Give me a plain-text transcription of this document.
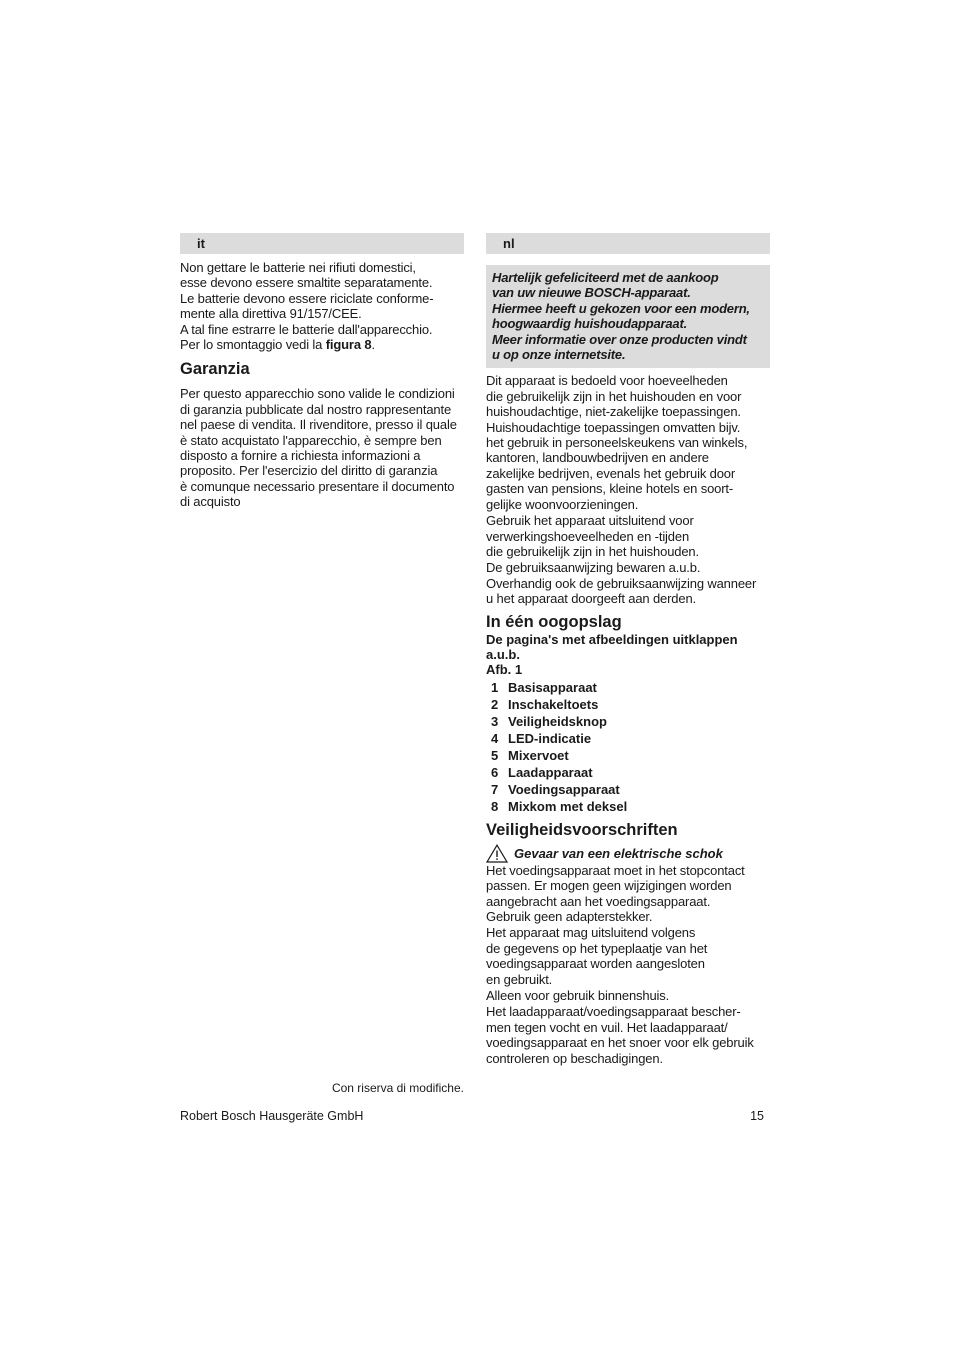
it

Non gettare le batterie nei rifiuti domestici,
esse devono essere smaltite separatamente.
Le batterie devono essere riciclate conforme-
mente alla direttiva 91/157/CEE.
A tal fine estrarre le batterie dall'apparecchio.
Per lo smontaggio vedi la figura 8.

Garanzia

Per questo apparecchio sono valide le condizioni
di garanzia pubblicate dal nostro rappresentante
nel paese di vendita. Il rivenditore, presso il quale
è stato acquistato l'apparecchio, è sempre ben
disposto a fornire a richiesta informazioni a
proposito. Per l'esercizio del diritto di garanzia
è comunque necessario presentare il documento
di acquisto

nl
Hartelijk gefeliciteerd met de aankoop
van uw nieuwe BOSCH-apparaat.
Hiermee heeft u gekozen voor een modern,
hoogwaardig huishoudapparaat.
Meer informatie over onze producten vindt
u op onze internetsite.

Dit apparaat is bedoeld voor hoeveelheden
die gebruikelijk zijn in het huishouden en voor
huishoudachtige, niet-zakelijke toepassingen.
Huishoudachtige toepassingen omvatten bijv.
het gebruik in personeelskeukens van winkels,
kantoren, landbouwbedrijven en andere
zakelijke bedrijven, evenals het gebruik door
gasten van pensions, kleine hotels en soort-
gelijke woonvoorzieningen.

Gebruik het apparaat uitsluitend voor
verwerkingshoeveelheden en -tijden
die gebruikelijk zijn in het huishouden.

De gebruiksaanwijzing bewaren a.u.b.
Overhandig ook de gebruiksaanwijzing wanneer
u het apparaat doorgeeft aan derden.

In één oogopslag
De pagina's met afbeeldingen uitklappen
a.u.b.
Afb. 1
1 Basisapparaat
2 Inschakeltoets
3 Veiligheidsknop
4 LED-indicatie
5 Mixervoet
6 Laadapparaat
7 Voedingsapparaat
8 Mixkom met deksel
Veiligheidsvoorschriften
Gevaar van een elektrische schok

Het voedingsapparaat moet in het stopcontact
passen. Er mogen geen wijzigingen worden
aangebracht aan het voedingsapparaat.
Gebruik geen adapterstekker.

Het apparaat mag uitsluitend volgens
de gegevens op het typeplaatje van het
voedingsapparaat worden aangesloten
en gebruikt.

Alleen voor gebruik binnenshuis.

Het laadapparaat/voedingsapparaat bescher-
men tegen vocht en vuil. Het laadapparaat/
voedingsapparaat en het snoer voor elk gebruik
controleren op beschadigingen.

Con riserva di modifiche.
Robert Bosch Hausgeräte GmbH	15
